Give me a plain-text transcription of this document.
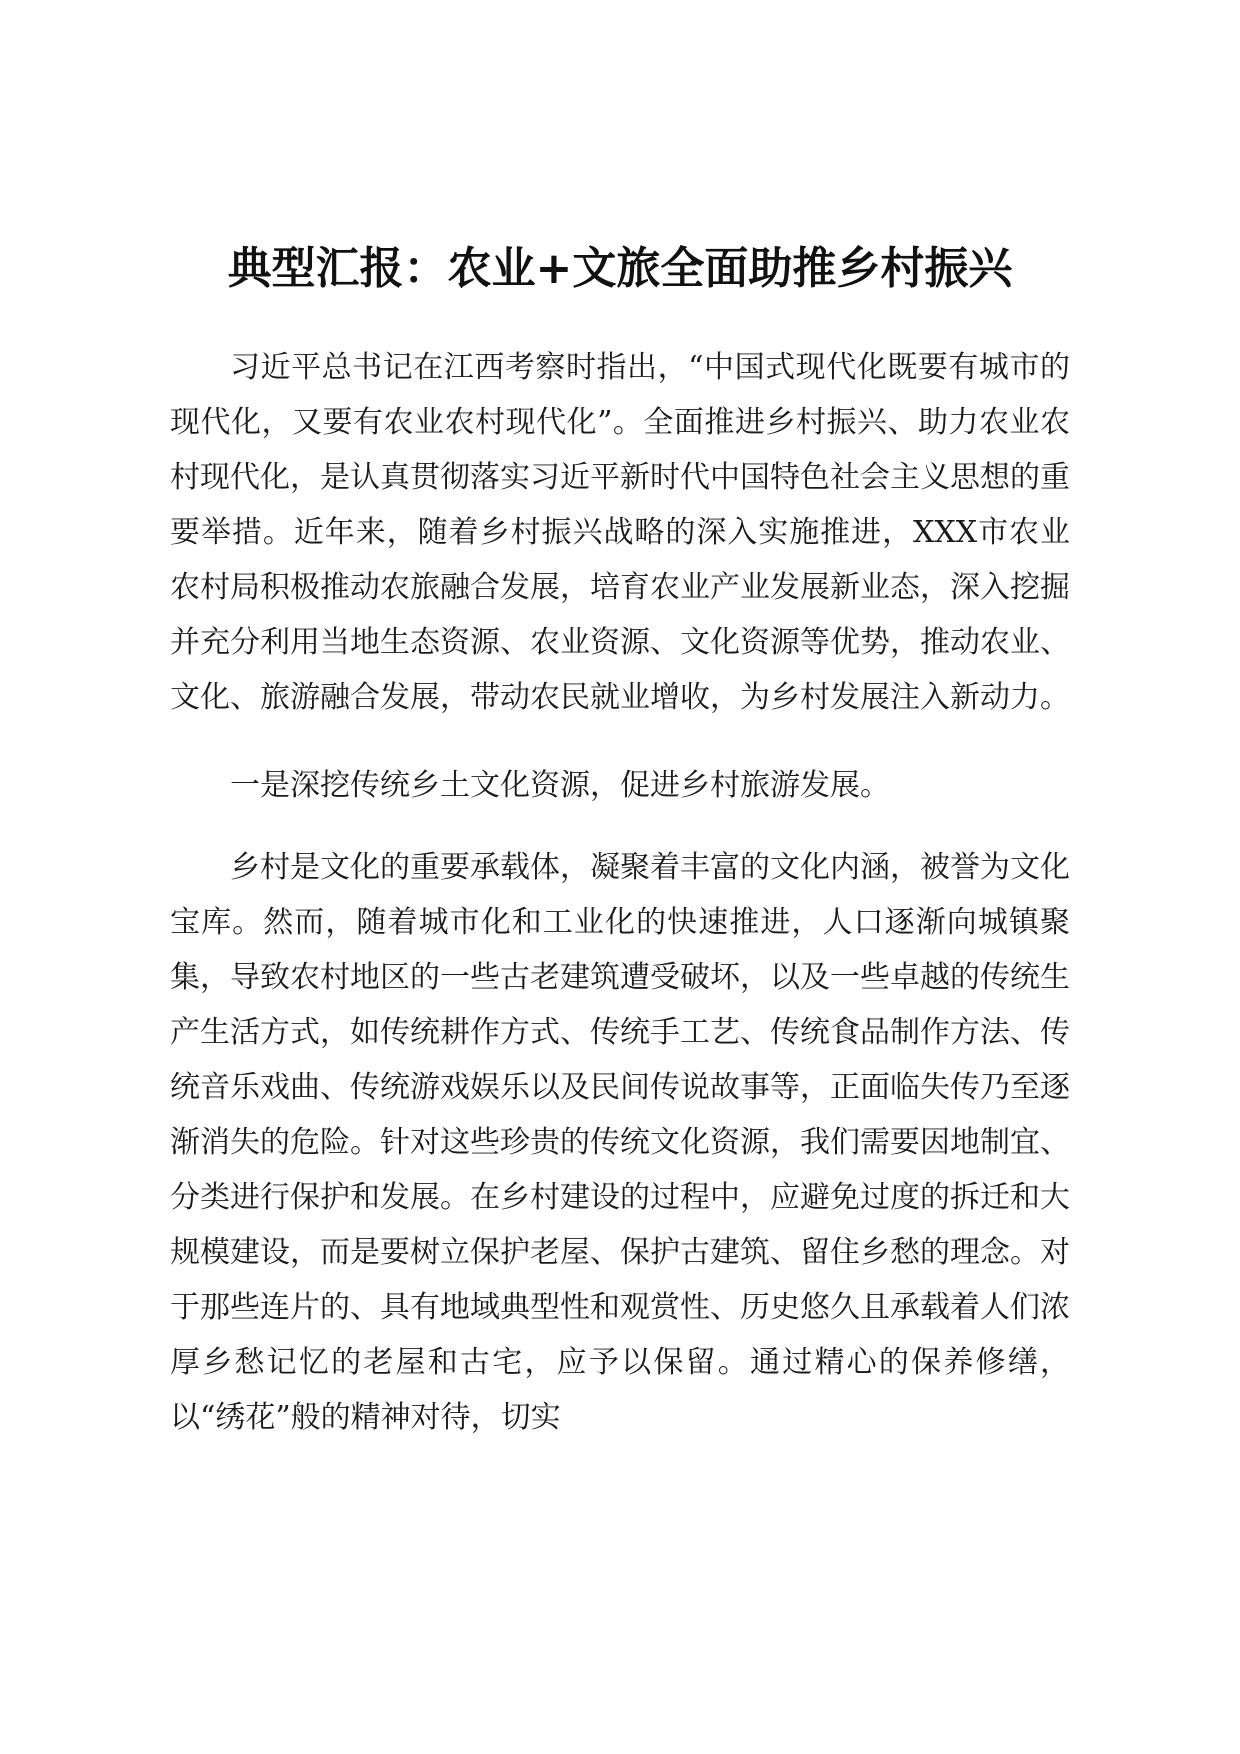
典型汇报：农业+文旅全面助推乡村振兴

习近平总书记在江西考察时指出，“中国式现代化既要有城市的现代化，又要有农业农村现代化”。全面推进乡村振兴、助力农业农村现代化，是认真贯彻落实习近平新时代中国特色社会主义思想的重要举措。近年来，随着乡村振兴战略的深入实施推进，XXX市农业农村局积极推动农旅融合发展，培育农业产业发展新业态，深入挖掘并充分利用当地生态资源、农业资源、文化资源等优势，推动农业、文化、旅游融合发展，带动农民就业增收，为乡村发展注入新动力。

一是深挖传统乡土文化资源，促进乡村旅游发展。

乡村是文化的重要承载体，凝聚着丰富的文化内涵，被誉为文化宝库。然而，随着城市化和工业化的快速推进，人口逐渐向城镇聚集，导致农村地区的一些古老建筑遭受破坏，以及一些卓越的传统生产生活方式，如传统耕作方式、传统手工艺、传统食品制作方法、传统音乐戏曲、传统游戏娱乐以及民间传说故事等，正面临失传乃至逐渐消失的危险。针对这些珍贵的传统文化资源，我们需要因地制宜、分类进行保护和发展。在乡村建设的过程中，应避免过度的拆迁和大规模建设，而是要树立保护老屋、保护古建筑、留住乡愁的理念。对于那些连片的、具有地域典型性和观赏性、历史悠久且承载着人们浓厚乡愁记忆的老屋和古宅，应予以保留。通过精心的保养修缮，以“绣花”般的精神对待，切实
